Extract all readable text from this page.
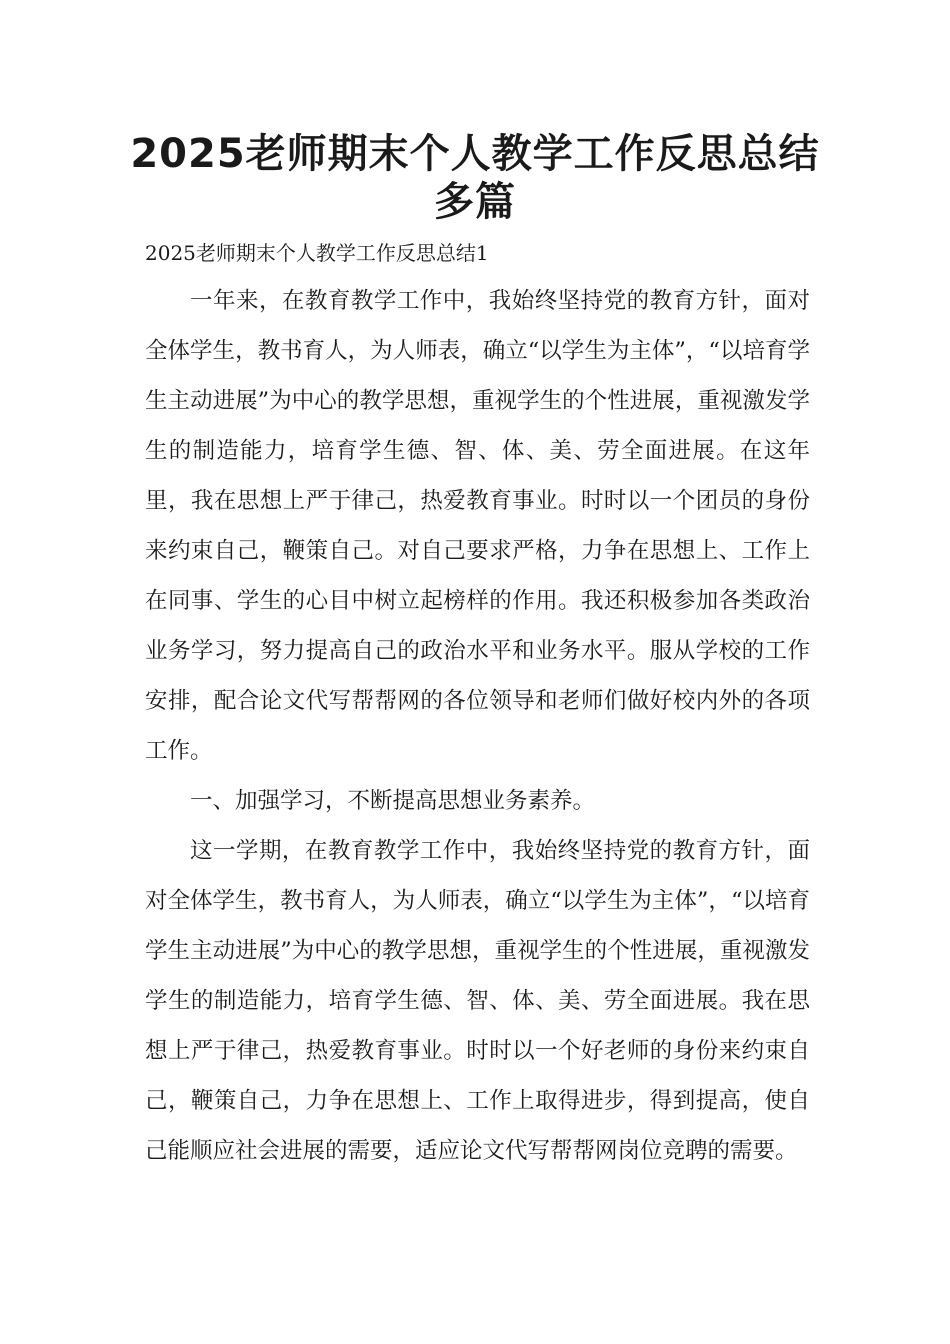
2025老师期末个人教学工作反思总结多篇
2025老师期末个人教学工作反思总结1

一年来，在教育教学工作中，我始终坚持党的教育方针，面对全体学生，教书育人，为人师表，确立“以学生为主体”，“以培育学生主动进展”为中心的教学思想，重视学生的个性进展，重视激发学生的制造能力，培育学生德、智、体、美、劳全面进展。在这年里，我在思想上严于律己，热爱教育事业。时时以一个团员的身份来约束自己，鞭策自己。对自己要求严格，力争在思想上、工作上在同事、学生的心目中树立起榜样的作用。我还积极参加各类政治业务学习，努力提高自己的政治水平和业务水平。服从学校的工作安排，配合论文代写帮帮网的各位领导和老师们做好校内外的各项工作。

一、加强学习，不断提高思想业务素养。

这一学期，在教育教学工作中，我始终坚持党的教育方针，面对全体学生，教书育人，为人师表，确立“以学生为主体”，“以培育学生主动进展”为中心的教学思想，重视学生的个性进展，重视激发学生的制造能力，培育学生德、智、体、美、劳全面进展。我在思想上严于律己，热爱教育事业。时时以一个好老师的身份来约束自己，鞭策自己，力争在思想上、工作上取得进步，得到提高，使自己能顺应社会进展的需要，适应论文代写帮帮网岗位竞聘的需要。
